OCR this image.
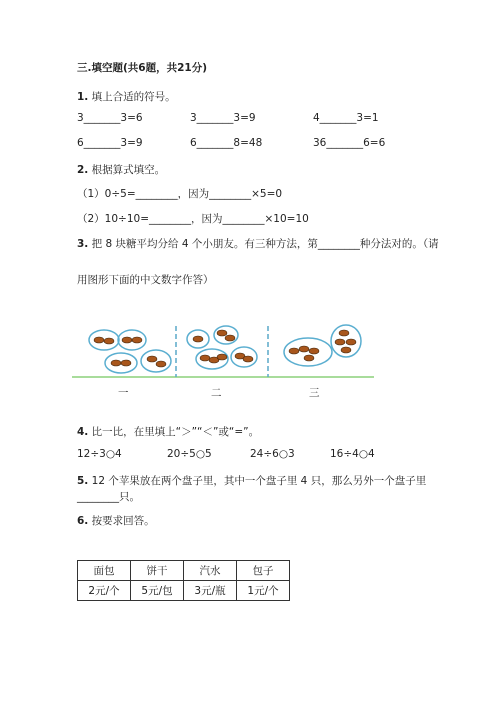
三.填空题(共6题，共21分)
1. 填上合适的符号。
3_______3=6	3_______3=9	4_______3=1
6_______3=9	6_______8=48	36_______6=6
2. 根据算式填空。
（1）0÷5=________，因为________×5=0
（2）10÷10=________，因为________×10=10
3. 把 8 块糖平均分给 4 个小朋友。有三种方法，第________种分法对的。（请
用图形下面的中文数字作答）
一	二	三
4. 比一比，在里填上“＞”“＜”或“=”。
12÷3○4	20÷5○5	24÷6○3	16÷4○4
5. 12 个苹果放在两个盘子里，其中一个盘子里 4 只，那么另外一个盘子里
________只。
6. 按要求回答。
面包	饼干	汽水	包子
2元/个	5元/包	3元/瓶	1元/个
